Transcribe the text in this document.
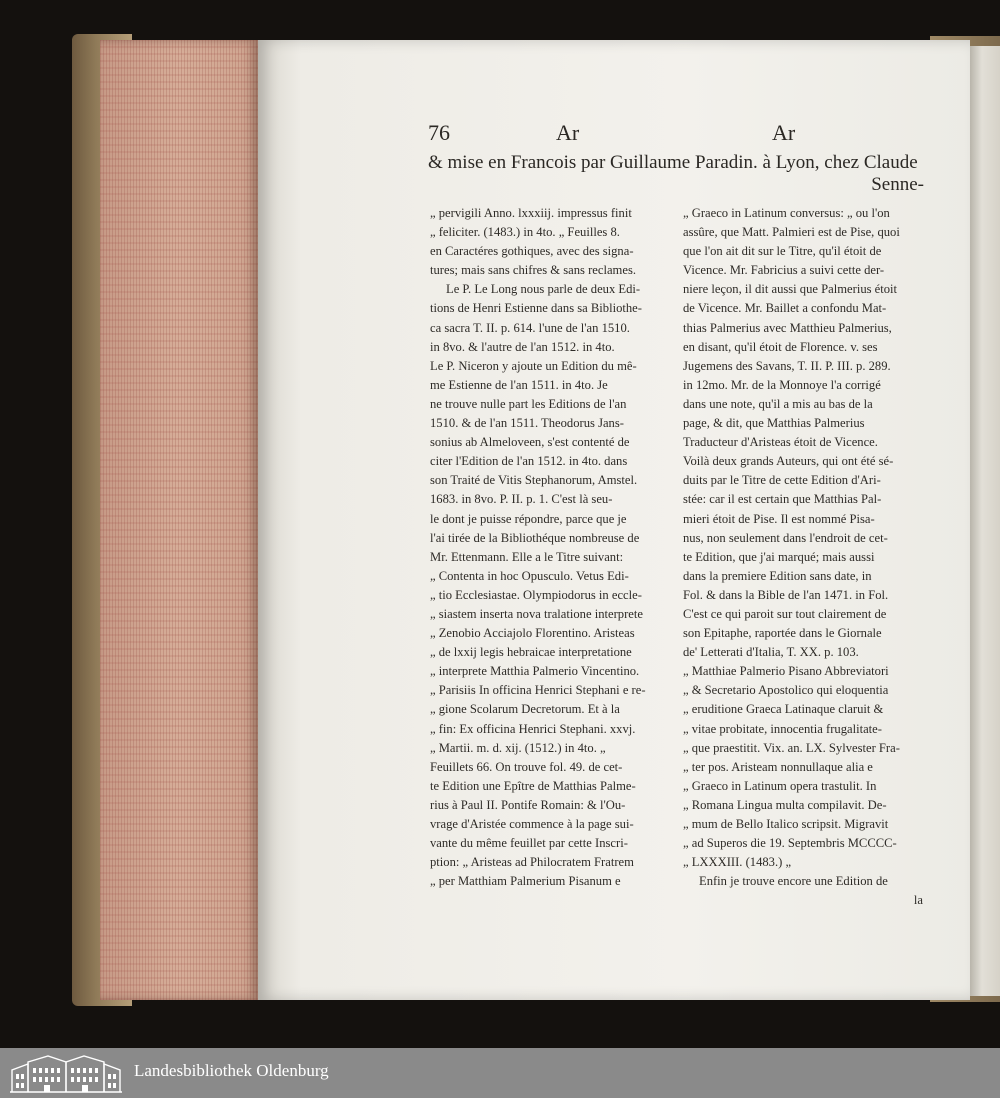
76	Ar	Ar
& mise en Francois par Guillaume Paradin. à Lyon, chez Claude
Senne-
„ pervigili Anno. lxxxiij. impressus finit
„ feliciter. (1483.) in 4to. „ Feuilles 8.
en Caractéres gothiques, avec des signa-
tures; mais sans chifres & sans reclames.
Le P. Le Long nous parle de deux Edi-
tions de Henri Estienne dans sa Bibliothe-
ca sacra T. II. p. 614. l'une de l'an 1510.
in 8vo. & l'autre de l'an 1512. in 4to.
Le P. Niceron y ajoute un Edition du mê-
me Estienne de l'an 1511. in 4to. Je
ne trouve nulle part les Editions de l'an
1510. & de l'an 1511. Theodorus Jans-
sonius ab Almeloveen, s'est contenté de
citer l'Edition de l'an 1512. in 4to. dans
son Traité de Vitis Stephanorum, Amstel.
1683. in 8vo. P. II. p. 1. C'est là seu-
le dont je puisse répondre, parce que je
l'ai tirée de la Bibliothéque nombreuse de
Mr. Ettenmann. Elle a le Titre suivant:
„ Contenta in hoc Opusculo. Vetus Edi-
„ tio Ecclesiastae. Olympiodorus in eccle-
„ siastem inserta nova tralatione interprete
„ Zenobio Acciajolo Florentino. Aristeas
„ de lxxij legis hebraicae interpretatione
„ interprete Matthia Palmerio Vincentino.
„ Parisiis In officina Henrici Stephani e re-
„ gione Scolarum Decretorum. Et à la
„ fin: Ex officina Henrici Stephani. xxvj.
„ Martii. m. d. xij. (1512.) in 4to. „
Feuillets 66. On trouve fol. 49. de cet-
te Edition une Epître de Matthias Palme-
rius à Paul II. Pontife Romain: & l'Ou-
vrage d'Aristée commence à la page sui-
vante du même feuillet par cette Inscri-
ption: „ Aristeas ad Philocratem Fratrem
„ per Matthiam Palmerium Pisanum e
„ Graeco in Latinum conversus: „ ou l'on
assûre, que Matt. Palmieri est de Pise, quoi
que l'on ait dit sur le Titre, qu'il étoit de
Vicence. Mr. Fabricius a suivi cette der-
niere leçon, il dit aussi que Palmerius étoit
de Vicence. Mr. Baillet a confondu Mat-
thias Palmerius avec Matthieu Palmerius,
en disant, qu'il étoit de Florence. v. ses
Jugemens des Savans, T. II. P. III. p. 289.
in 12mo. Mr. de la Monnoye l'a corrigé
dans une note, qu'il a mis au bas de la
page, & dit, que Matthias Palmerius
Traducteur d'Aristeas étoit de Vicence.
Voilà deux grands Auteurs, qui ont été sé-
duits par le Titre de cette Edition d'Ari-
stée: car il est certain que Matthias Pal-
mieri étoit de Pise. Il est nommé Pisa-
nus, non seulement dans l'endroit de cet-
te Edition, que j'ai marqué; mais aussi
dans la premiere Edition sans date, in
Fol. & dans la Bible de l'an 1471. in Fol.
C'est ce qui paroit sur tout clairement de
son Epitaphe, raportée dans le Giornale
de' Letterati d'Italia, T. XX. p. 103.
„ Matthiae Palmerio Pisano Abbreviatori
„ & Secretario Apostolico qui eloquentia
„ eruditione Graeca Latinaque claruit &
„ vitae probitate, innocentia frugalitate-
„ que praestitit. Vix. an. LX. Sylvester Fra-
„ ter pos. Aristeam nonnullaque alia e
„ Graeco in Latinum opera trastulit. In
„ Romana Lingua multa compilavit. De-
„ mum de Bello Italico scripsit. Migravit
„ ad Superos die 19. Septembris MCCCC-
„ LXXXIII. (1483.) „
Enfin je trouve encore une Edition de
la
Landesbibliothek Oldenburg
